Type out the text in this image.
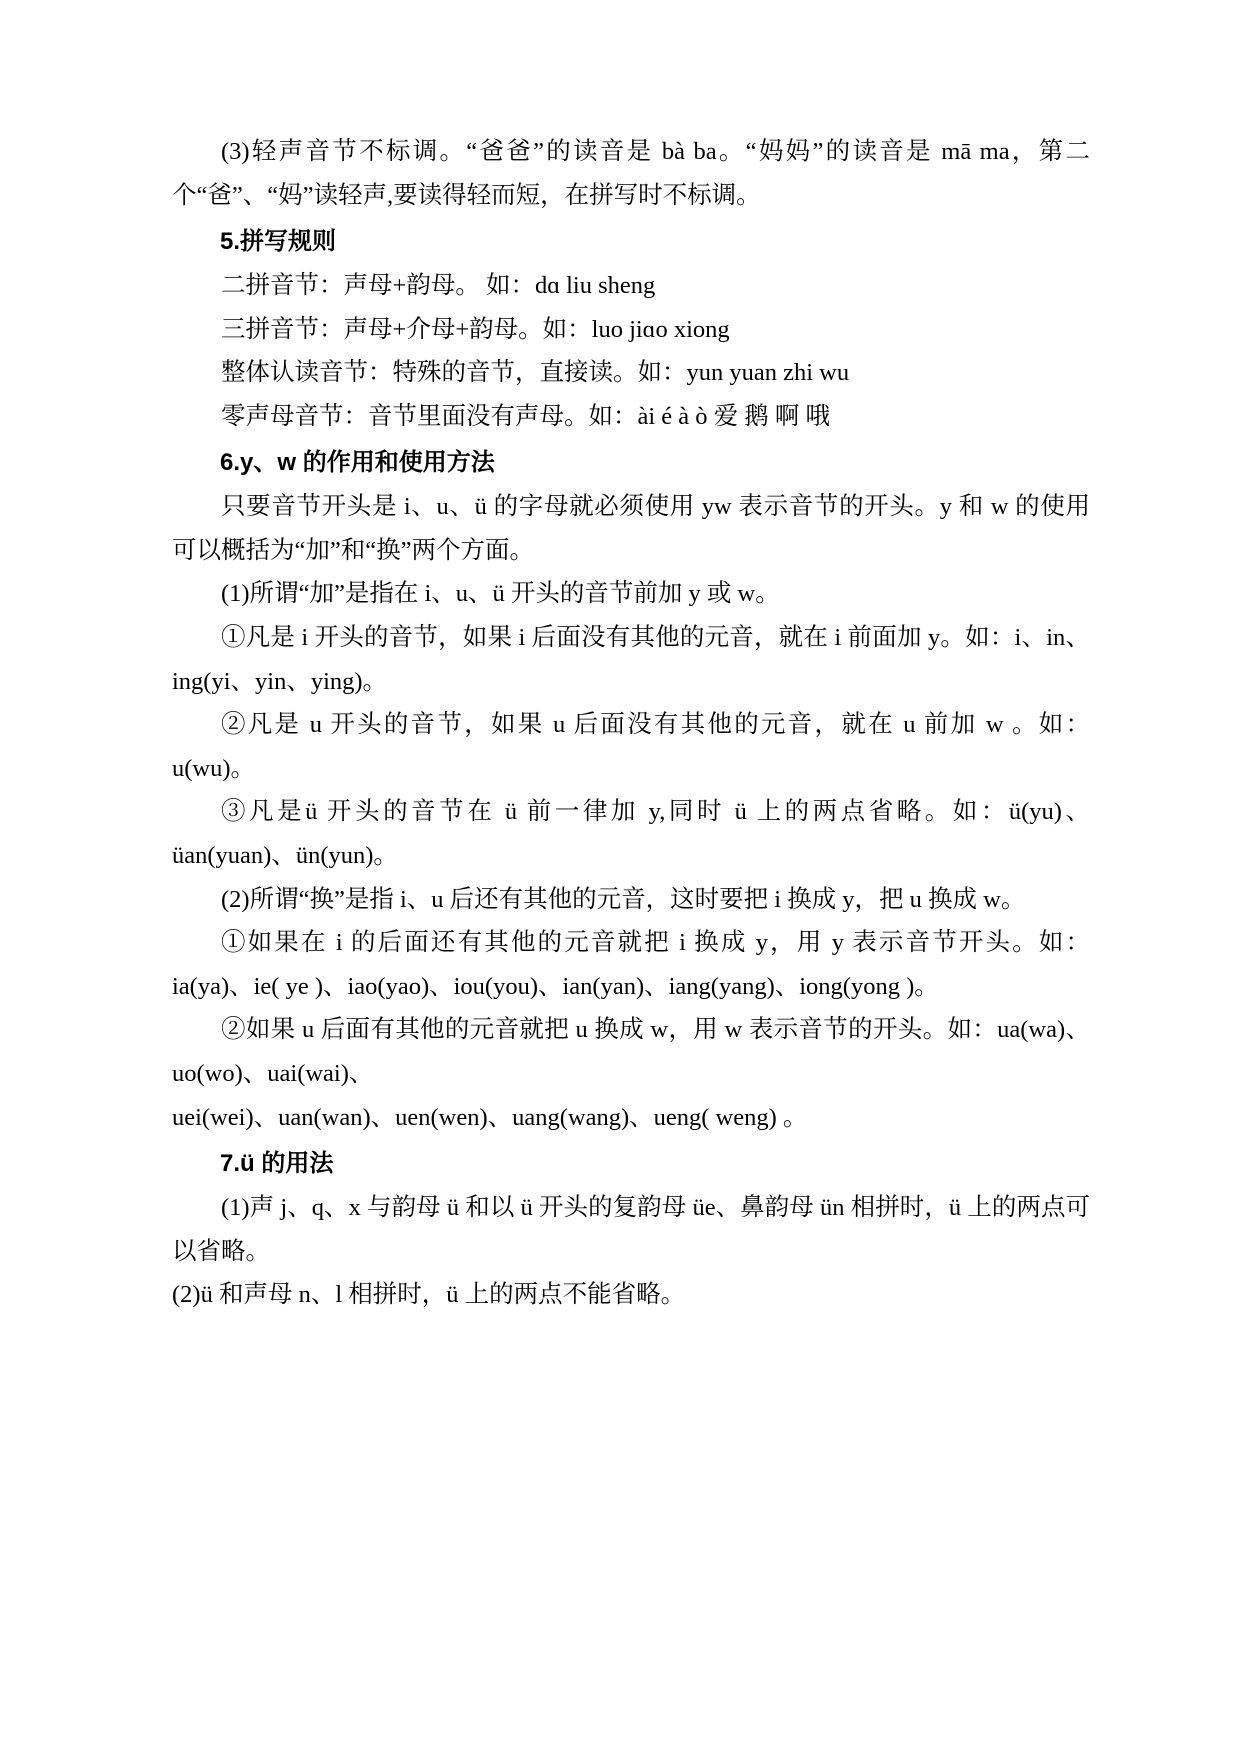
(3)轻声音节不标调。“爸爸”的读音是 bà ba。“妈妈”的读音是 mā ma，第二个“爸”、“妈”读轻声,要读得轻而短，在拼写时不标调。

5.拼写规则

二拼音节：声母+韵母。 如：dɑ liu sheng

三拼音节：声母+介母+韵母。如：luo jiɑo xiong

整体认读音节：特殊的音节，直接读。如：yun yuan zhi wu

零声母音节：音节里面没有声母。如：ài é à ò 爱 鹅 啊 哦

6.y、w 的作用和使用方法

只要音节开头是 i、u、ü 的字母就必须使用 yw 表示音节的开头。y 和 w 的使用可以概括为“加”和“换”两个方面。

(1)所谓“加”是指在 i、u、ü 开头的音节前加 y 或 w。

①凡是 i 开头的音节，如果 i 后面没有其他的元音，就在 i 前面加 y。如：i、in、ing(yi、yin、ying)。

②凡是 u 开头的音节，如果 u 后面没有其他的元音，就在 u 前加 w 。如：u(wu)。

③凡是ü 开头的音节在 ü 前一律加 y,同时 ü 上的两点省略。如：ü(yu)、üan(yuan)、ün(yun)。

(2)所谓“换”是指 i、u 后还有其他的元音，这时要把 i 换成 y，把 u 换成 w。

①如果在 i 的后面还有其他的元音就把 i 换成 y，用 y 表示音节开头。如：ia(ya)、ie( ye )、iao(yao)、iou(you)、ian(yan)、iang(yang)、iong(yong )。

②如果 u 后面有其他的元音就把 u 换成 w，用 w 表示音节的开头。如：ua(wa)、uo(wo)、uai(wai)、

uei(wei)、uan(wan)、uen(wen)、uang(wang)、ueng( weng) 。

7.ü 的用法

(1)声 j、q、x 与韵母 ü 和以 ü 开头的复韵母 üe、鼻韵母 ün 相拼时，ü 上的两点可以省略。

(2)ü 和声母 n、l 相拼时，ü 上的两点不能省略。
